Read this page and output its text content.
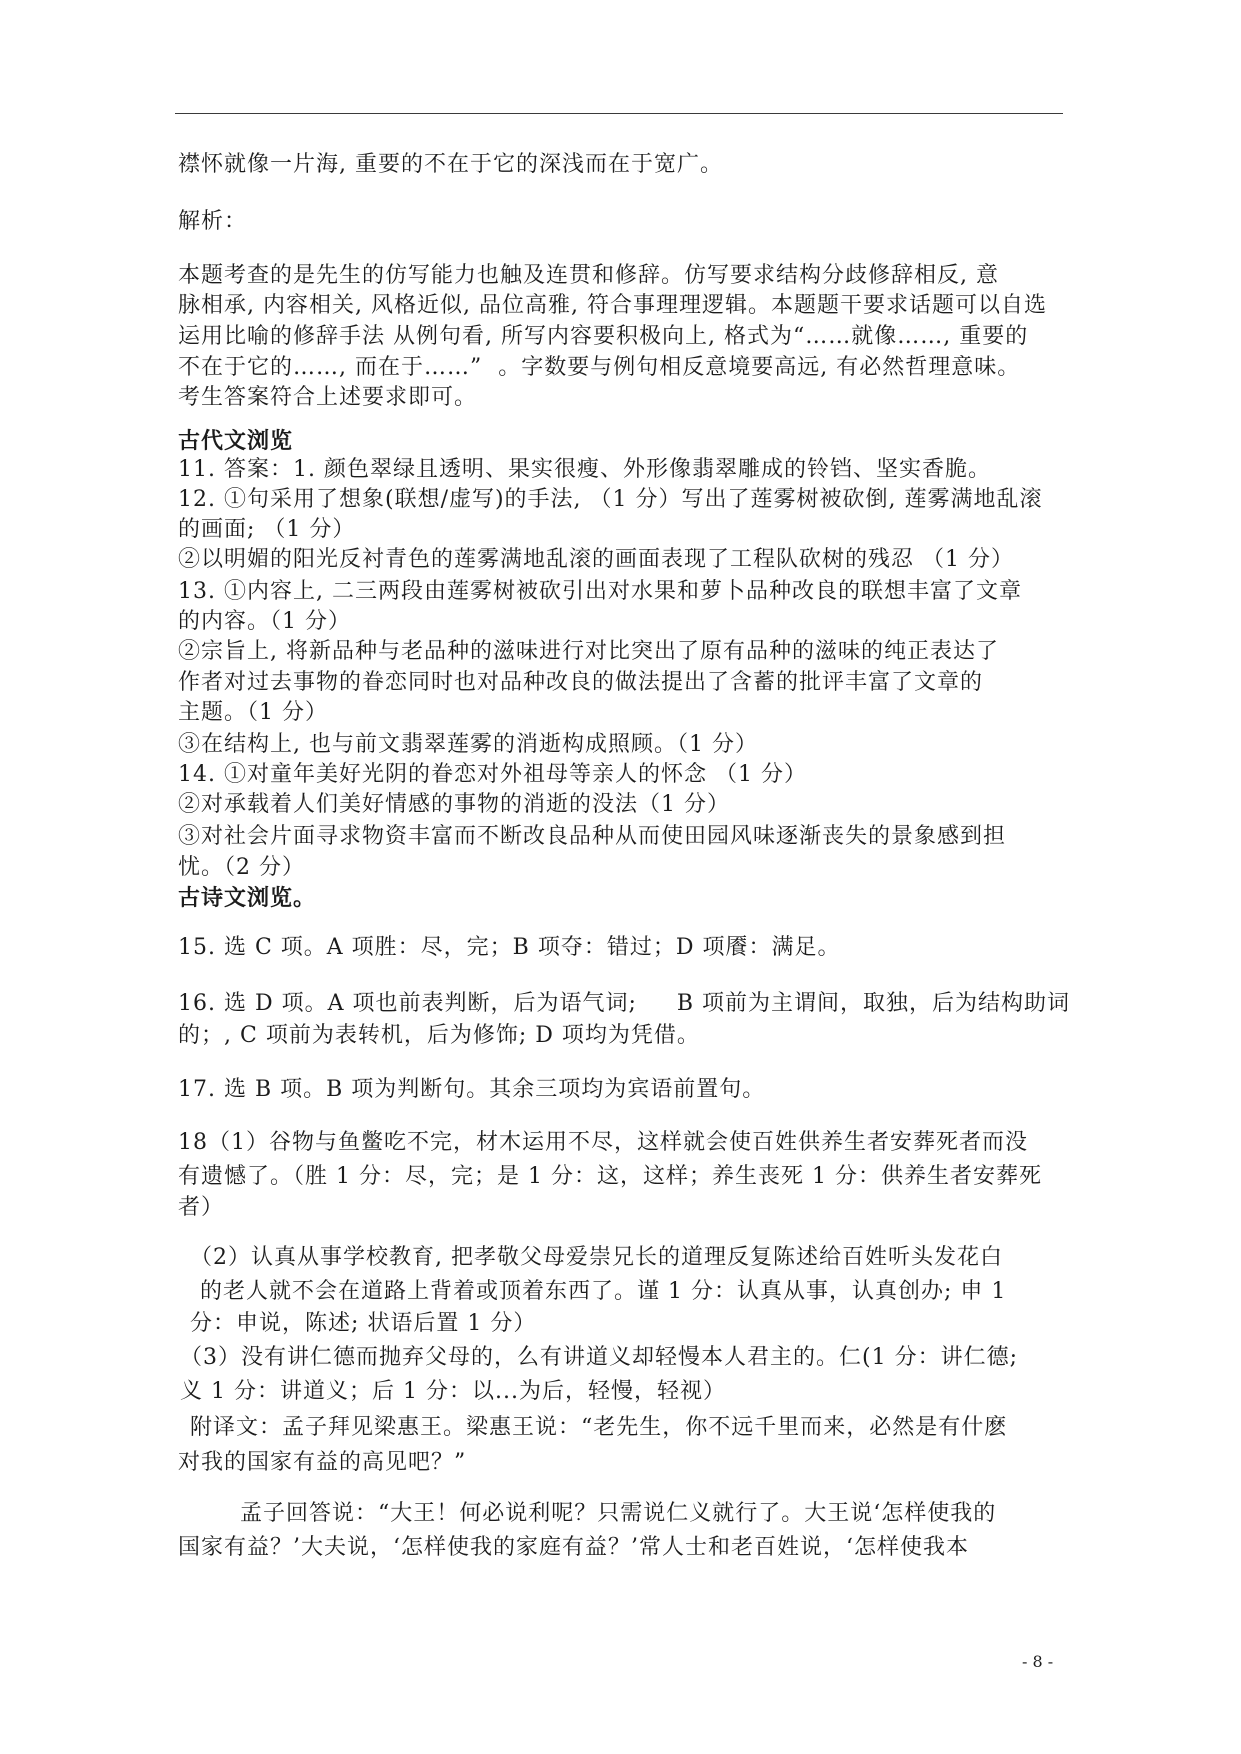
襟怀就像一片海, 重要的不在于它的深浅而在于宽广。
解析：
本题考查的是先生的仿写能力也触及连贯和修辞。仿写要求结构分歧修辞相反, 意
脉相承, 内容相关, 风格近似, 品位高雅, 符合事理理逻辑。本题题干要求话题可以自选
运用比喻的修辞手法 从例句看, 所写内容要积极向上, 格式为“……就像……, 重要的
不在于它的……, 而在于……”  。字数要与例句相反意境要高远, 有必然哲理意味。
考生答案符合上述要求即可。
古代文浏览
11. 答案：1. 颜色翠绿且透明、果实很瘦、外形像翡翠雕成的铃铛、坚实香脆。
12. ①句采用了想象(联想/虚写)的手法, （1 分）写出了莲雾树被砍倒, 莲雾满地乱滚
的画面; （1 分）
②以明媚的阳光反衬青色的莲雾满地乱滚的画面表现了工程队砍树的残忍 （1 分）
13. ①内容上, 二三两段由莲雾树被砍引出对水果和萝卜品种改良的联想丰富了文章
的内容。（1 分）
②宗旨上, 将新品种与老品种的滋味进行对比突出了原有品种的滋味的纯正表达了
作者对过去事物的眷恋同时也对品种改良的做法提出了含蓄的批评丰富了文章的
主题。（1 分）
③在结构上, 也与前文翡翠莲雾的消逝构成照顾。（1 分）
14. ①对童年美好光阴的眷恋对外祖母等亲人的怀念 （1 分）
②对承载着人们美好情感的事物的消逝的没法（1 分）
③对社会片面寻求物资丰富而不断改良品种从而使田园风味逐渐丧失的景象感到担
忧。（2 分）
古诗文浏览。
15. 选 C 项。A 项胜：尽，完；B 项夺：错过；D 项餍：满足。
16. 选 D 项。A 项也前表判断，后为语气词;     B 项前为主谓间，取独，后为结构助词
的；, C 项前为表转机，后为修饰; D 项均为凭借。
17. 选 B 项。B 项为判断句。其余三项均为宾语前置句。
18（1）谷物与鱼鳖吃不完，材木运用不尽，这样就会使百姓供养生者安葬死者而没
有遗憾了。（胜 1 分：尽，完；是 1 分：这，这样；养生丧死 1 分：供养生者安葬死
者）
（2）认真从事学校教育, 把孝敬父母爱崇兄长的道理反复陈述给百姓听头发花白
的老人就不会在道路上背着或顶着东西了。谨 1 分：认真从事，认真创办; 申 1
分：申说，陈述; 状语后置 1 分）
（3）没有讲仁德而抛弃父母的，么有讲道义却轻慢本人君主的。仁(1 分：讲仁德;
义 1 分：讲道义；后 1 分：以...为后，轻慢，轻视）
附译文：孟子拜见梁惠王。梁惠王说：“老先生，你不远千里而来，必然是有什麽
对我的国家有益的高见吧？”
孟子回答说：“大王！何必说利呢？只需说仁义就行了。大王说‘怎样使我的
国家有益？’大夫说，‘怎样使我的家庭有益？’常人士和老百姓说，‘怎样使我本
- 8 -
